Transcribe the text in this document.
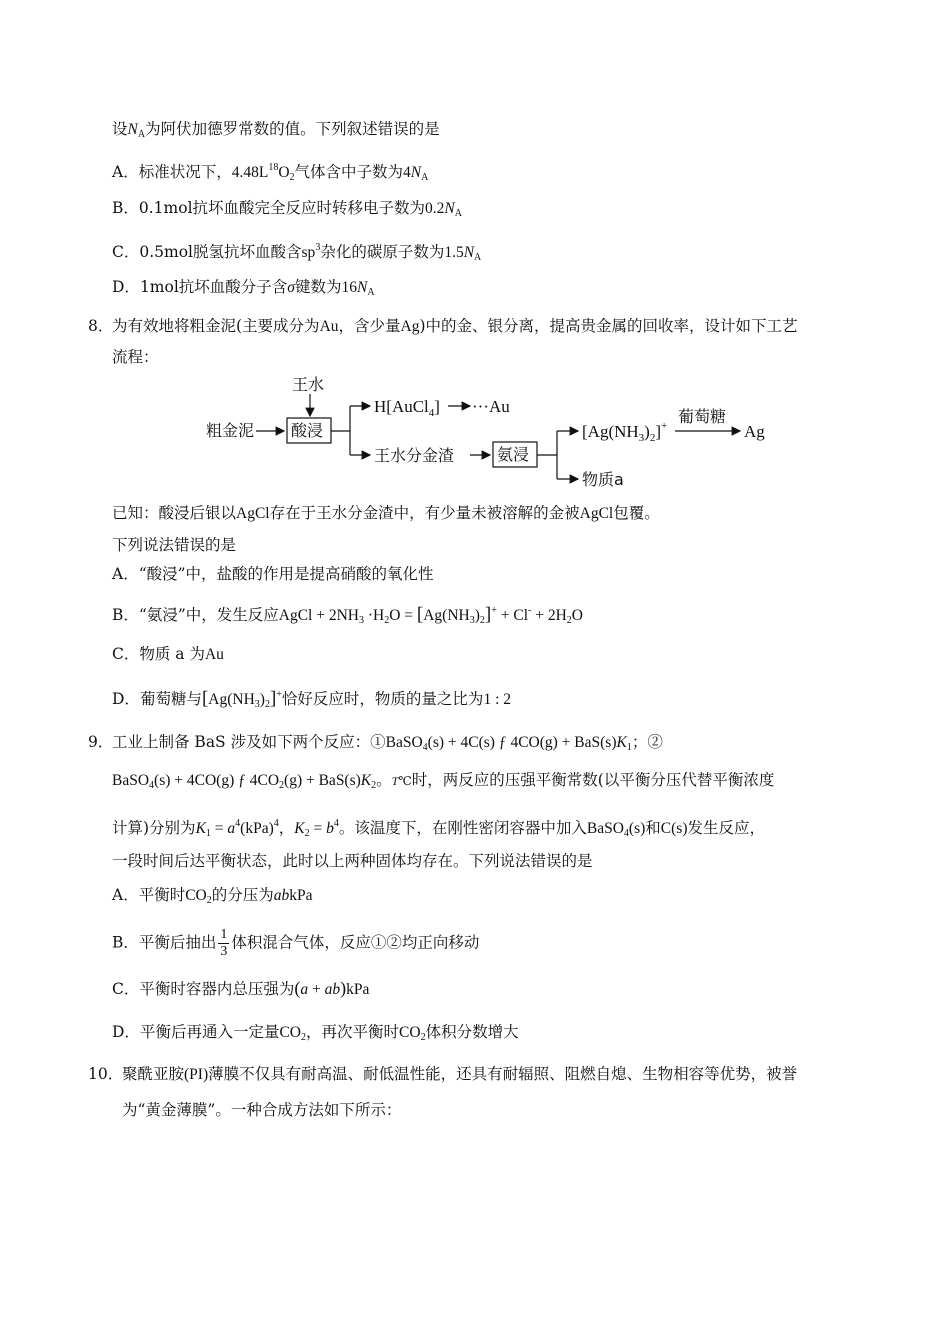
设$N_A$为阿伏加德罗常数的值。下列叙述错误的是
A．标准状况下，$4.48L^{18}O_2$气体含中子数为$4N_A$
B．0.1mol抗坏血酸完全反应时转移电子数为$0.2N_A$
C．0.5mol脱氢抗坏血酸含$sp^3$杂化的碳原子数为$1.5N_A$
D．1mol抗坏血酸分子含σ键数为$16N_A$
8．
为有效地将粗金泥(主要成分为Au，含少量Ag)中的金、银分离，提高贵金属的回收率，设计如下工艺
流程：
王水
粗金泥 酸浸
H[AuCl$_4$] ···Au
王水分金渣	氨浸
$[Ag(NH_3)_2]^+$ 葡萄糖
Ag
物质a
已知：酸浸后银以AgCl存在于王水分金渣中，有少量未被溶解的金被AgCl包覆。
下列说法错误的是
A．“酸浸”中，盐酸的作用是提高硝酸的氧化性
B．“氨浸”中，发生反应AgCl + $2NH_3 \cdot H_2O = [Ag(NH_3)_2]^+ + Cl^- + 2H_2O$
C．物质 a 为Au
D．葡萄糖与$[Ag(NH_3)_2]^+$恰好反应时，物质的量之比为1 : 2
9．
工业上制备 BaS 涉及如下两个反应：①BaSO$_4$(s) + 4C(s) ƒ $4CO(g) + BaS(s)K_1$；②
BaSO$_4$(s) + 4CO(g) ƒ $4CO_2(g) + BaS(s)K_2$。T℃时，两反应的压强平衡常数(以平衡分压代替平衡浓度
计算)分别为$K_1 = a^4(kPa)^4$，$K_2 = b^4$。该温度下，在刚性密闭容器中加入BaSO$_4$(s)和C(s)发生反应，
一段时间后达平衡状态，此时以上两种固体均存在。下列说法错误的是
A．平衡时$CO_2$的分压为abkPa
B．平衡后抽出 $\frac{1}{3}$ 体积混合气体，反应①②均正向移动
C．平衡时容器内总压强为(a + ab)kPa
D．平衡后再通入一定量$CO_2$，再次平衡时$CO_2$体积分数增大
10．
聚酰亚胺(PI)薄膜不仅具有耐高温、耐低温性能，还具有耐辐照、阻燃自熄、生物相容等优势，被誉
为“黄金薄膜”。一种合成方法如下所示：
